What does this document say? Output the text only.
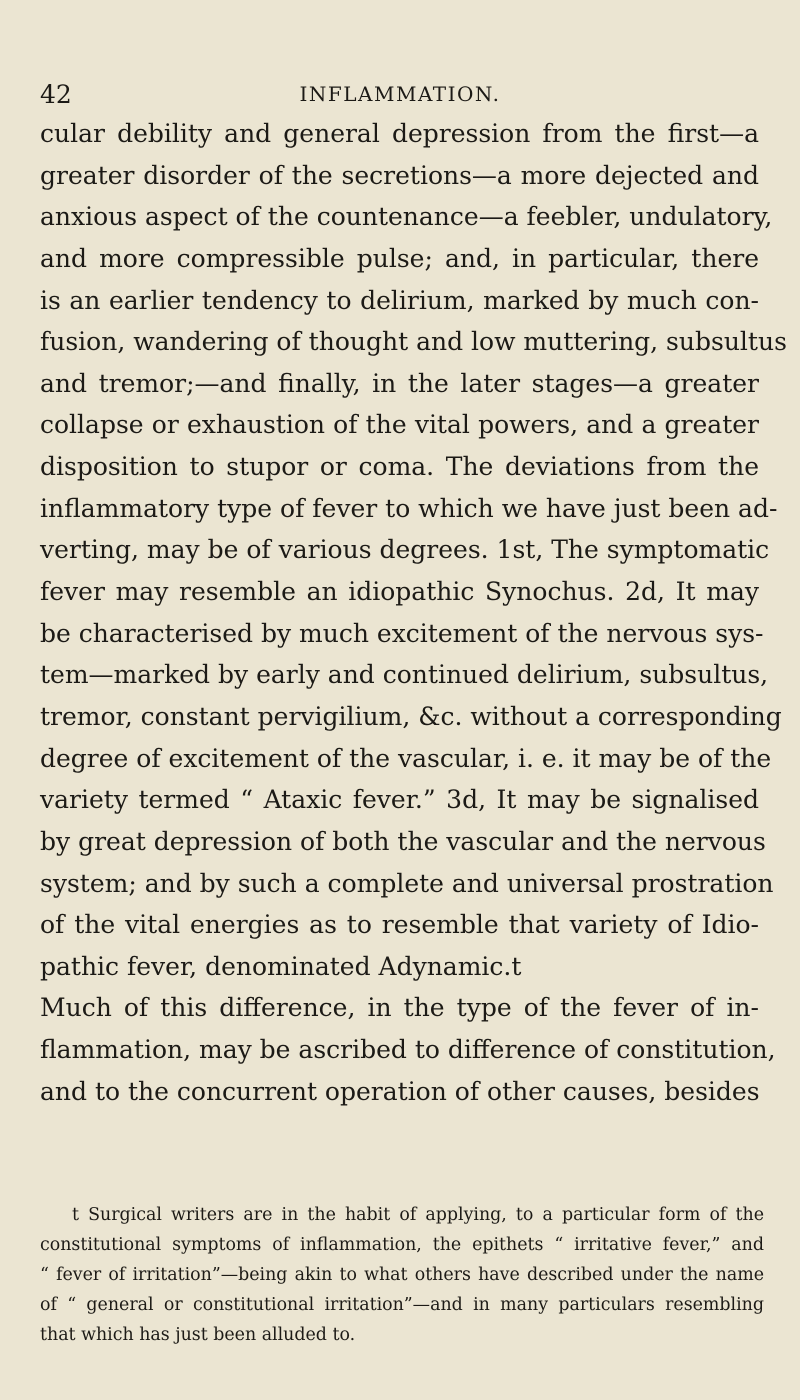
42	INFLAMMATION.
cular debility and general depression from the first—a
greater disorder of the secretions—a more dejected and
anxious aspect of the countenance—a feebler, undulatory,
and more compressible pulse; and, in particular, there
is an earlier tendency to delirium, marked by much con-
fusion, wandering of thought and low muttering, subsultus
and tremor;—and finally, in the later stages—a greater
collapse or exhaustion of the vital powers, and a greater
disposition to stupor or coma. The deviations from the
inflammatory type of fever to which we have just been ad-
verting, may be of various degrees. 1st, The symptomatic
fever may resemble an idiopathic Synochus. 2d, It may
be characterised by much excitement of the nervous sys-
tem—marked by early and continued delirium, subsultus,
tremor, constant pervigilium, &c. without a corresponding
degree of excitement of the vascular, i. e. it may be of the
variety termed “ Ataxic fever.” 3d, It may be signalised
by great depression of both the vascular and the nervous
system; and by such a complete and universal prostration
of the vital energies as to resemble that variety of Idio-
pathic fever, denominated Adynamic.t
Much of this difference, in the type of the fever of in-
flammation, may be ascribed to difference of constitution,
and to the concurrent operation of other causes, besides
t Surgical writers are in the habit of applying, to a particular form of the
constitutional symptoms of inflammation, the epithets “ irritative fever,” and
“ fever of irritation”—being akin to what others have described under the name
of “ general or constitutional irritation”—and in many particulars resembling
that which has just been alluded to.
